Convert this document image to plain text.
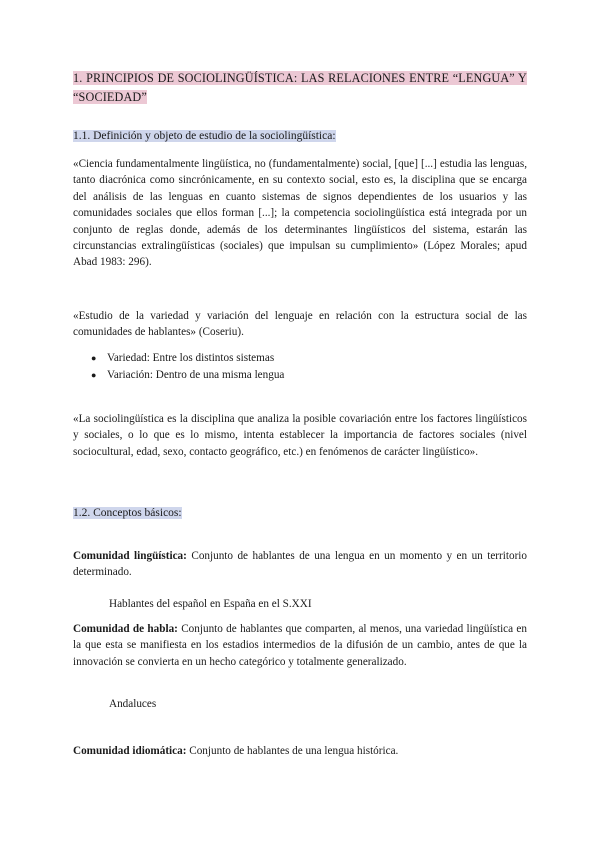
1. PRINCIPIOS DE SOCIOLINGÜÍSTICA: LAS RELACIONES ENTRE “LENGUA” Y “SOCIEDAD”
1.1. Definición y objeto de estudio de la sociolingüística:
«Ciencia fundamentalmente lingüística, no (fundamentalmente) social, [que] [...] estudia las lenguas, tanto diacrónica como sincrónicamente, en su contexto social, esto es, la disciplina que se encarga del análisis de las lenguas en cuanto sistemas de signos dependientes de los usuarios y las comunidades sociales que ellos forman [...]; la competencia sociolingüística está integrada por un conjunto de reglas donde, además de los determinantes lingüísticos del sistema, estarán las circunstancias extralingüísticas (sociales) que impulsan su cumplimiento» (López Morales; apud Abad 1983: 296).
«Estudio de la variedad y variación del lenguaje en relación con la estructura social de las comunidades de hablantes» (Coseriu).
● Variedad: Entre los distintos sistemas
● Variación: Dentro de una misma lengua
«La sociolingüística es la disciplina que analiza la posible covariación entre los factores lingüísticos y sociales, o lo que es lo mismo, intenta establecer la importancia de factores sociales (nivel sociocultural, edad, sexo, contacto geográfico, etc.) en fenómenos de carácter lingüístico».
1.2. Conceptos básicos:
Comunidad lingüística: Conjunto de hablantes de una lengua en un momento y en un territorio determinado.
Hablantes del español en España en el S.XXI
Comunidad de habla: Conjunto de hablantes que comparten, al menos, una variedad lingüística en la que esta se manifiesta en los estadios intermedios de la difusión de un cambio, antes de que la innovación se convierta en un hecho categórico y totalmente generalizado.
Andaluces
Comunidad idiomática: Conjunto de hablantes de una lengua histórica.
